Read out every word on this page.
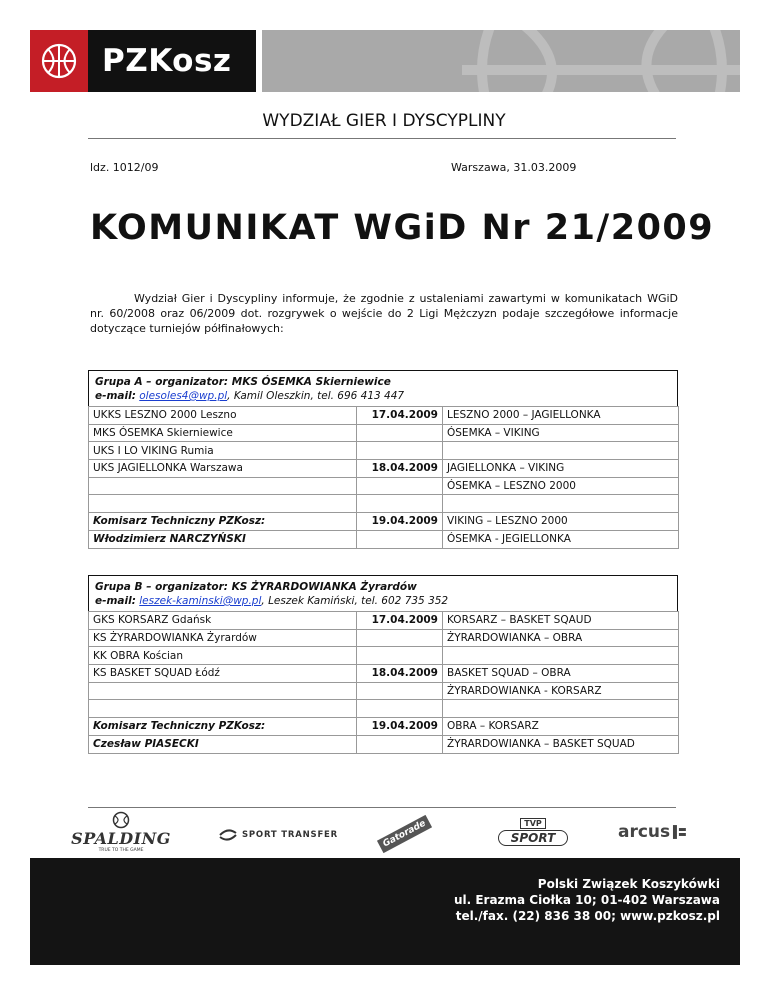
PZKosz
WYDZIAŁ GIER I DYSCYPLINY
ldz. 1012/09	Warszawa, 31.03.2009
KOMUNIKAT WGiD Nr 21/2009

Wydział Gier i Dyscypliny informuje, że zgodnie z ustaleniami zawartymi w komunikatach WGiD nr. 60/2008 oraz 06/2009 dot. rozgrywek o wejście do 2 Ligi Mężczyzn podaje szczegółowe informacje dotyczące turniejów półfinałowych:

Grupa A – organizator: MKS ÓSEMKA Skierniewice
e-mail: olesoles4@wp.pl, Kamil Oleszkin, tel. 696 413 447
UKKS LESZNO 2000 Leszno	17.04.2009	LESZNO 2000 – JAGIELLONKA
MKS ÓSEMKA Skierniewice		ÓSEMKA – VIKING
UKS I LO VIKING Rumia		
UKS JAGIELLONKA Warszawa	18.04.2009	JAGIELLONKA – VIKING
		ÓSEMKA – LESZNO 2000

Komisarz Techniczny PZKosz:	19.04.2009	VIKING – LESZNO 2000
Włodzimierz NARCZYŃSKI		ÓSEMKA - JEGIELLONKA
Grupa B – organizator: KS ŻYRARDOWIANKA Żyrardów
e-mail: leszek-kaminski@wp.pl, Leszek Kamiński, tel. 602 735 352
GKS KORSARZ Gdańsk	17.04.2009	KORSARZ – BASKET SQAUD
KS ŻYRARDOWIANKA Żyrardów		ŻYRARDOWIANKA – OBRA
KK OBRA Kościan		
KS BASKET SQUAD Łódź	18.04.2009	BASKET SQUAD – OBRA
		ŻYRARDOWIANKA - KORSARZ

Komisarz Techniczny PZKosz:	19.04.2009	OBRA – KORSARZ
Czesław PIASECKI		ŻYRARDOWIANKA – BASKET SQUAD
SPALDING
TRUE TO THE GAME
SPORT TRANSFER	Gatorade	TVP
SPORT	arcus
Polski Związek Koszykówki
ul. Erazma Ciołka 10; 01-402 Warszawa
tel./fax. (22) 836 38 00; www.pzkosz.pl
